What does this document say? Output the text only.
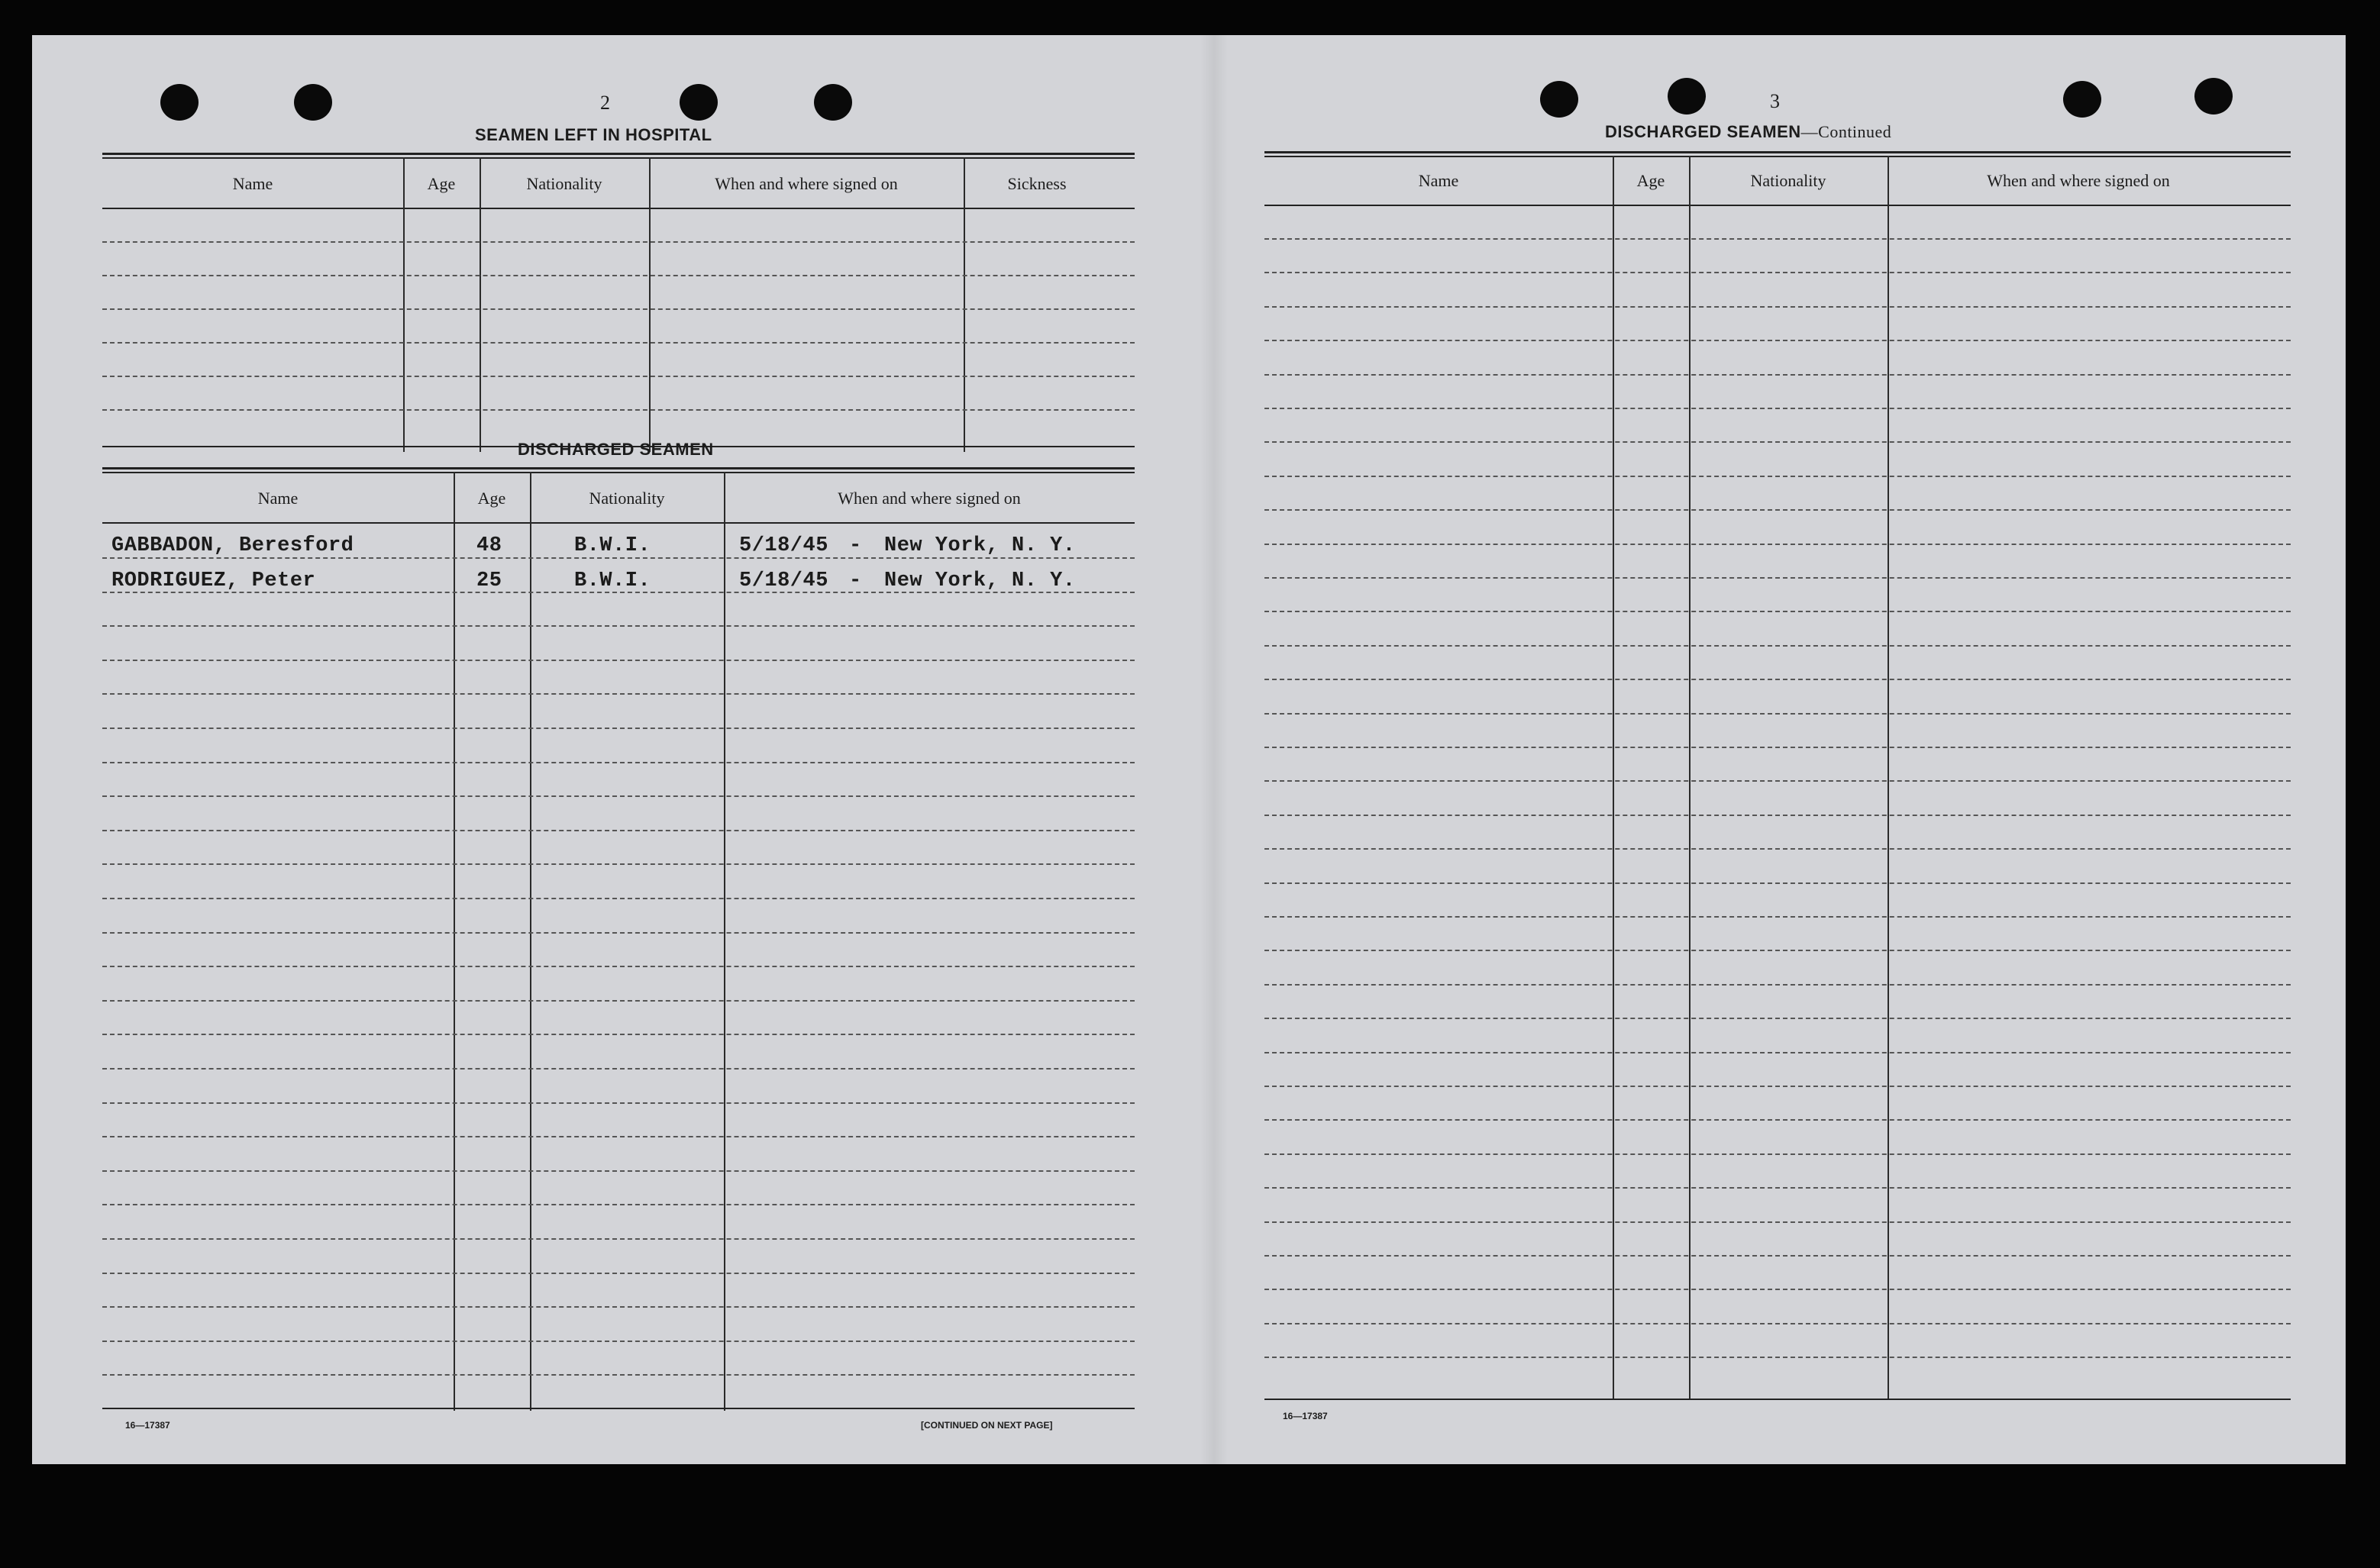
2
SEAMEN LEFT IN HOSPITAL
Name	Age	Nationality	When and where signed on	Sickness
DISCHARGED SEAMEN
Name	Age	Nationality	When and where signed on
GABBADON, Beresford	48	B.W.I.	5/18/45 - New York, N. Y.
RODRIGUEZ, Peter	25	B.W.I.	5/18/45 - New York, N. Y.
16—17387	[CONTINUED ON NEXT PAGE]
3
DISCHARGED SEAMEN—Continued
Name	Age	Nationality	When and where signed on
16—17387
